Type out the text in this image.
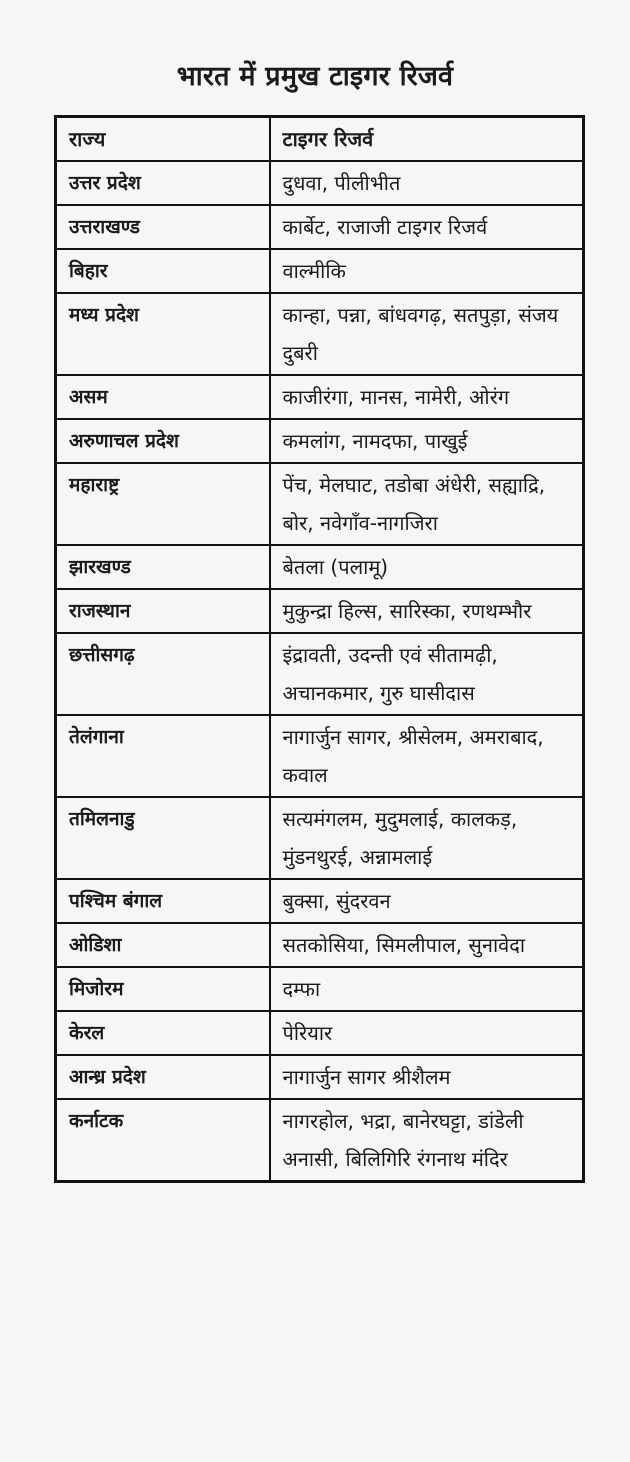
भारत में प्रमुख टाइगर रिजर्व
राज्य	टाइगर रिजर्व
उत्तर प्रदेश	दुधवा, पीलीभीत
उत्तराखण्ड	कार्बेट, राजाजी टाइगर रिजर्व
बिहार	वाल्मीकि
मध्य प्रदेश	कान्हा, पन्ना, बांधवगढ़, सतपुड़ा, संजय दुबरी
असम	काजीरंगा, मानस, नामेरी, ओरंग
अरुणाचल प्रदेश	कमलांग, नामदफा, पाखुई
महाराष्ट्र	पेंच, मेलघाट, तडोबा अंधेरी, सह्याद्रि, बोर, नवेगाँव-नागजिरा
झारखण्ड	बेतला (पलामू)
राजस्थान	मुकुन्द्रा हिल्स, सारिस्का, रणथम्भौर
छत्तीसगढ़	इंद्रावती, उदन्ती एवं सीतामढ़ी, अचानकमार, गुरु घासीदास
तेलंगाना	नागार्जुन सागर, श्रीसेलम, अमराबाद, कवाल
तमिलनाडु	सत्यमंगलम, मुदुमलाई, कालकड़, मुंडनथुरई, अन्नामलाई
पश्चिम बंगाल	बुक्सा, सुंदरवन
ओडिशा	सतकोसिया, सिमलीपाल, सुनावेदा
मिजोरम	दम्फा
केरल	पेरियार
आन्ध्र प्रदेश	नागार्जुन सागर श्रीशैलम
कर्नाटक	नागरहोल, भद्रा, बानेरघट्टा, डांडेली अनासी, बिलिगिरि रंगनाथ मंदिर
